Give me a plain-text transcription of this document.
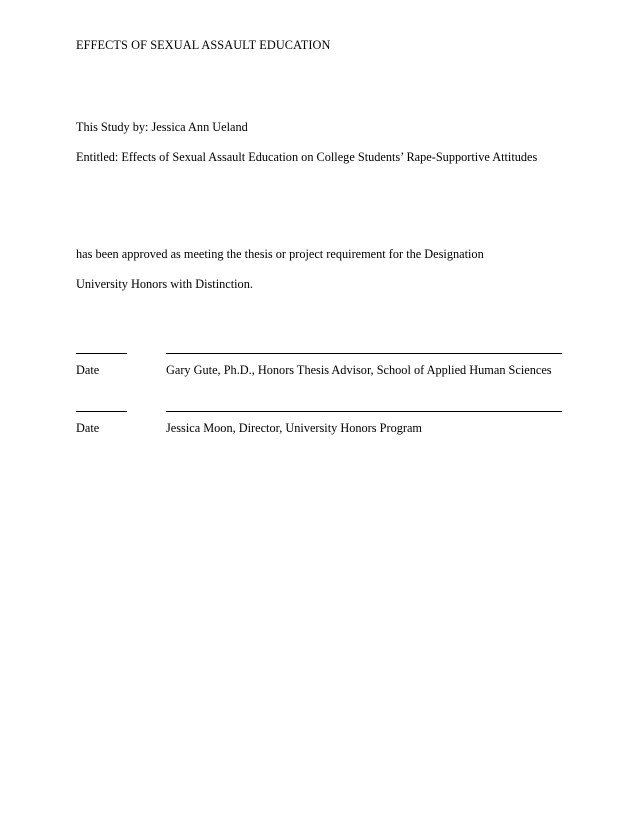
EFFECTS OF SEXUAL ASSAULT EDUCATION
This Study by: Jessica Ann Ueland
Entitled: Effects of Sexual Assault Education on College Students’ Rape-Supportive Attitudes
has been approved as meeting the thesis or project requirement for the Designation
University Honors with Distinction.
Date	Gary Gute, Ph.D., Honors Thesis Advisor, School of Applied Human Sciences
Date	Jessica Moon, Director, University Honors Program
